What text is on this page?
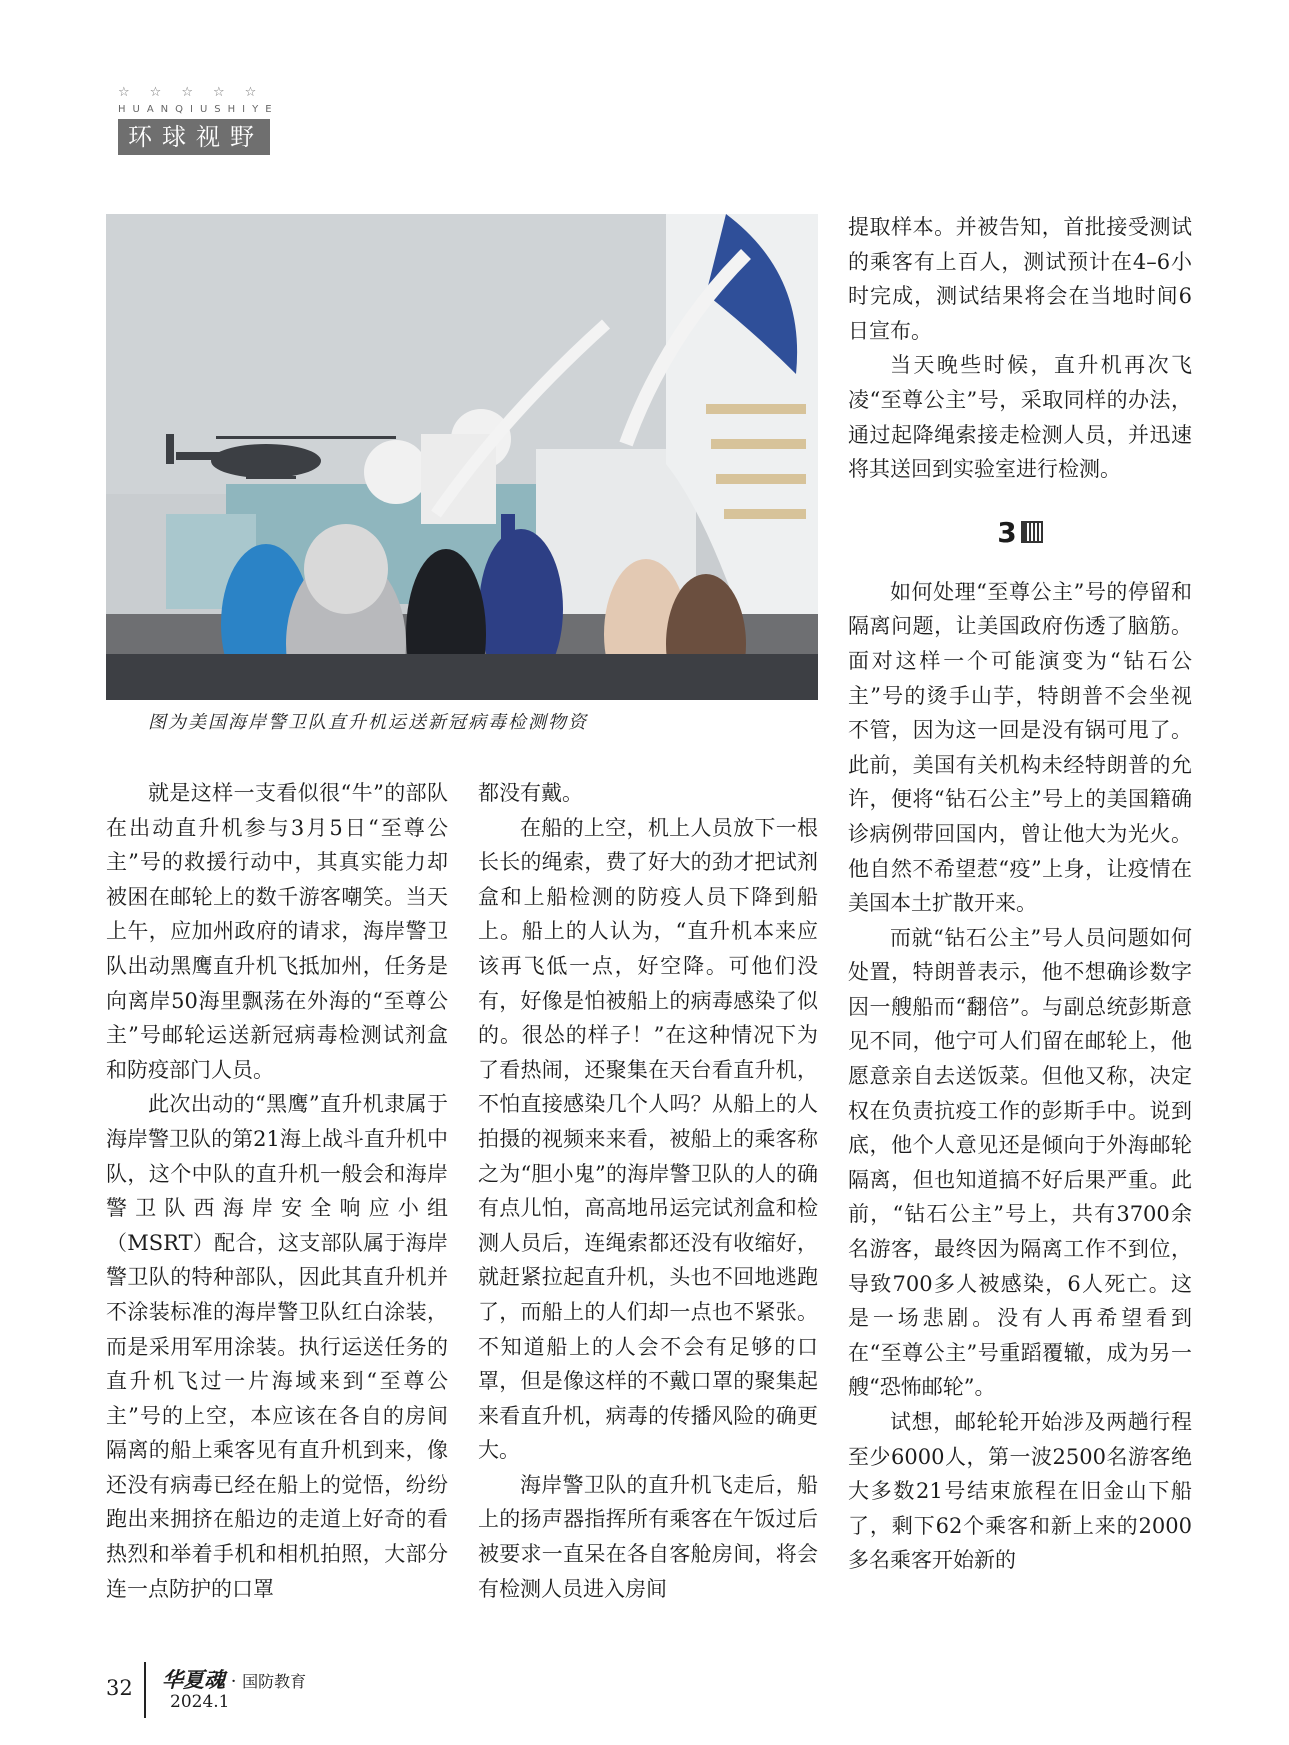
☆ ☆ ☆ ☆ ☆
HUANQIUSHIYE
环球视野
图为美国海岸警卫队直升机运送新冠病毒检测物资

就是这样一支看似很“牛”的部队在出动直升机参与3月5日“至尊公主”号的救援行动中，其真实能力却被困在邮轮上的数千游客嘲笑。当天上午，应加州政府的请求，海岸警卫队出动黑鹰直升机飞抵加州，任务是向离岸50海里飘荡在外海的“至尊公主”号邮轮运送新冠病毒检测试剂盒和防疫部门人员。

此次出动的“黑鹰”直升机隶属于海岸警卫队的第21海上战斗直升机中队，这个中队的直升机一般会和海岸警卫队西海岸安全响应小组（MSRT）配合，这支部队属于海岸警卫队的特种部队，因此其直升机并不涂装标准的海岸警卫队红白涂装，而是采用军用涂装。执行运送任务的直升机飞过一片海域来到“至尊公主”号的上空，本应该在各自的房间隔离的船上乘客见有直升机到来，像还没有病毒已经在船上的觉悟，纷纷跑出来拥挤在船边的走道上好奇的看热烈和举着手机和相机拍照，大部分连一点防护的口罩

都没有戴。

在船的上空，机上人员放下一根长长的绳索，费了好大的劲才把试剂盒和上船检测的防疫人员下降到船上。船上的人认为，“直升机本来应该再飞低一点，好空降。可他们没有，好像是怕被船上的病毒感染了似的。很怂的样子！”在这种情况下为了看热闹，还聚集在天台看直升机，不怕直接感染几个人吗？从船上的人拍摄的视频来来看，被船上的乘客称之为“胆小鬼”的海岸警卫队的人的确有点儿怕，高高地吊运完试剂盒和检测人员后，连绳索都还没有收缩好，就赶紧拉起直升机，头也不回地逃跑了，而船上的人们却一点也不紧张。不知道船上的人会不会有足够的口罩，但是像这样的不戴口罩的聚集起来看直升机，病毒的传播风险的确更大。

海岸警卫队的直升机飞走后，船上的扬声器指挥所有乘客在午饭过后被要求一直呆在各自客舱房间，将会有检测人员进入房间

提取样本。并被告知，首批接受测试的乘客有上百人，测试预计在4–6小时完成，测试结果将会在当地时间6日宣布。

当天晚些时候，直升机再次飞凌“至尊公主”号，采取同样的办法，通过起降绳索接走检测人员，并迅速将其送回到实验室进行检测。

3

如何处理“至尊公主”号的停留和隔离问题，让美国政府伤透了脑筋。面对这样一个可能演变为“钻石公主”号的烫手山芋，特朗普不会坐视不管，因为这一回是没有锅可甩了。此前，美国有关机构未经特朗普的允许，便将“钻石公主”号上的美国籍确诊病例带回国内，曾让他大为光火。他自然不希望惹“疫”上身，让疫情在美国本土扩散开来。

而就“钻石公主”号人员问题如何处置，特朗普表示，他不想确诊数字因一艘船而“翻倍”。与副总统彭斯意见不同，他宁可人们留在邮轮上，他愿意亲自去送饭菜。但他又称，决定权在负责抗疫工作的彭斯手中。说到底，他个人意见还是倾向于外海邮轮隔离，但也知道搞不好后果严重。此前，“钻石公主”号上，共有3700余名游客，最终因为隔离工作不到位，导致700多人被感染，6人死亡。这是一场悲剧。没有人再希望看到在“至尊公主”号重蹈覆辙，成为另一艘“恐怖邮轮”。

试想，邮轮轮开始涉及两趟行程至少6000人，第一波2500名游客绝大多数21号结束旅程在旧金山下船了，剩下62个乘客和新上来的2000多名乘客开始新的

32 华夏魂 · 国防教育
2024.1
